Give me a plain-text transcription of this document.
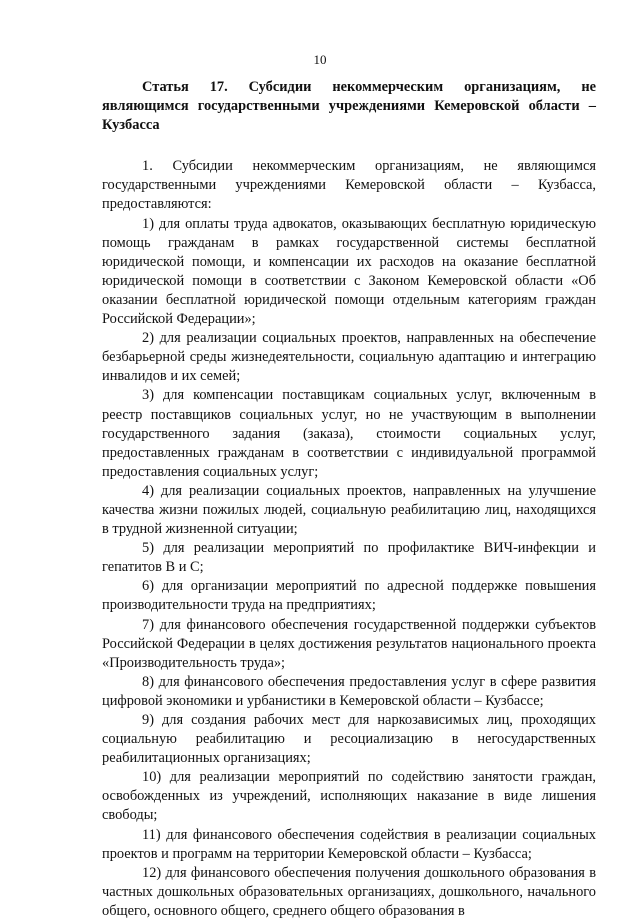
10

Статья 17. Субсидии некоммерческим организациям, не являющимся государственными учреждениями Кемеровской области – Кузбасса

1. Субсидии некоммерческим организациям, не являющимся государственными учреждениями Кемеровской области – Кузбасса, предоставляются:

1) для оплаты труда адвокатов, оказывающих бесплатную юридическую помощь гражданам в рамках государственной системы бесплатной юридической помощи, и компенсации их расходов на оказание бесплатной юридической помощи в соответствии с Законом Кемеровской области «Об оказании бесплатной юридической помощи отдельным категориям граждан Российской Федерации»;

2) для реализации социальных проектов, направленных на обеспечение безбарьерной среды жизнедеятельности, социальную адаптацию и интеграцию инвалидов и их семей;

3) для компенсации поставщикам социальных услуг, включенным в реестр поставщиков социальных услуг, но не участвующим в выполнении государственного задания (заказа), стоимости социальных услуг, предоставленных гражданам в соответствии с индивидуальной программой предоставления социальных услуг;

4) для реализации социальных проектов, направленных на улучшение качества жизни пожилых людей, социальную реабилитацию лиц, находящихся в трудной жизненной ситуации;

5) для реализации мероприятий по профилактике ВИЧ-инфекции и гепатитов В и С;

6) для организации мероприятий по адресной поддержке повышения производительности труда на предприятиях;

7) для финансового обеспечения государственной поддержки субъектов Российской Федерации в целях достижения результатов национального проекта «Производительность труда»;

8) для финансового обеспечения предоставления услуг в сфере развития цифровой экономики и урбанистики в Кемеровской области – Кузбассе;

9) для создания рабочих мест для наркозависимых лиц, проходящих социальную реабилитацию и ресоциализацию в негосударственных реабилитационных организациях;

10) для реализации мероприятий по содействию занятости граждан, освобожденных из учреждений, исполняющих наказание в виде лишения свободы;

11) для финансового обеспечения содействия в реализации социальных проектов и программ на территории Кемеровской области – Кузбасса;

12) для финансового обеспечения получения дошкольного образования в частных дошкольных образовательных организациях, дошкольного, начального общего, основного общего, среднего общего образования в
